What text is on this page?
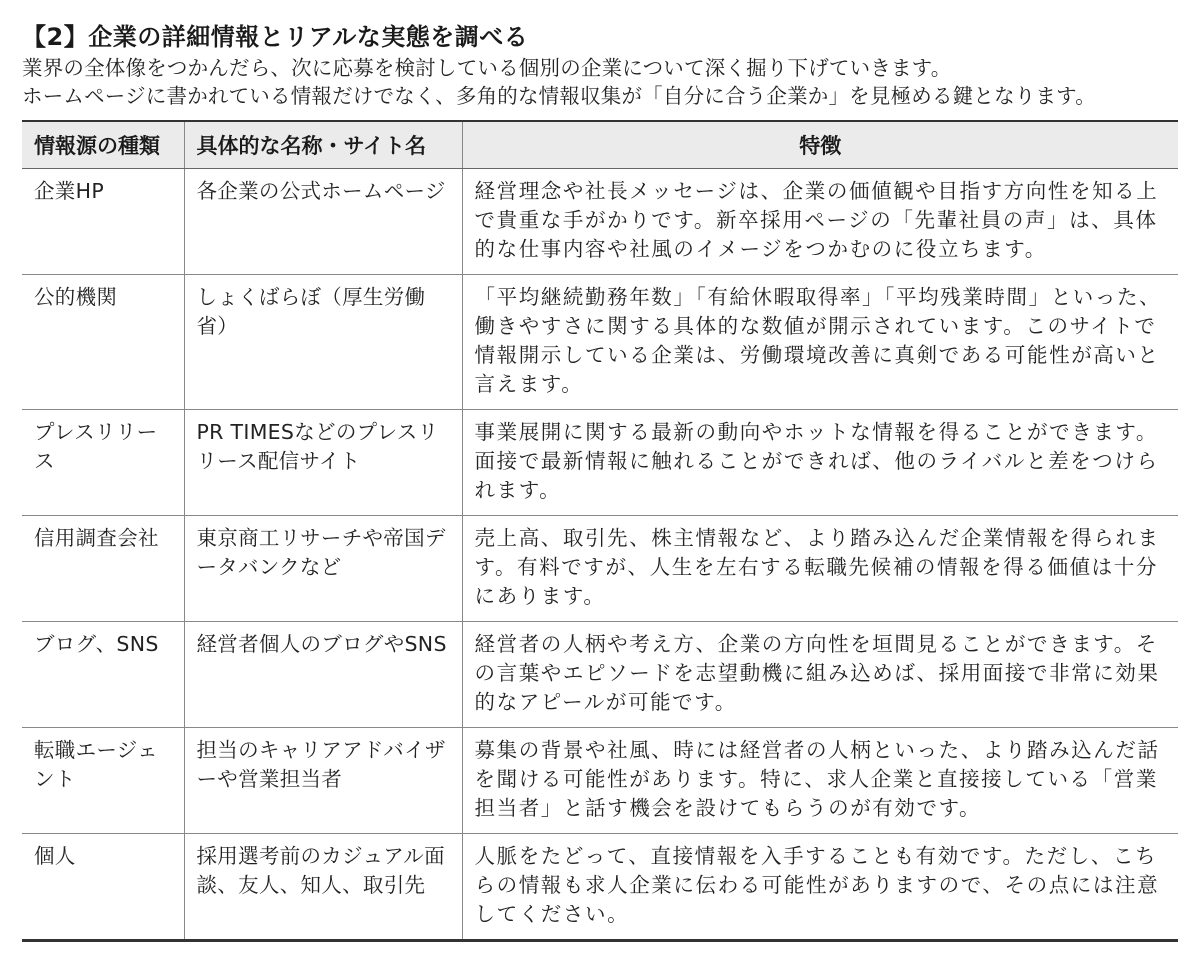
【2】企業の詳細情報とリアルな実態を調べる
業界の全体像をつかんだら、次に応募を検討している個別の企業について深く掘り下げていきます。
ホームページに書かれている情報だけでなく、多角的な情報収集が「自分に合う企業か」を見極める鍵となります。
情報源の種類	具体的な名称・サイト名	特徴
企業HP	各企業の公式ホームページ	経営理念や社長メッセージは、企業の価値観や目指す方向性を知る上で貴重な手がかりです。新卒採用ページの「先輩社員の声」は、具体的な仕事内容や社風のイメージをつかむのに役立ちます。
公的機関	しょくばらぼ（厚生労働省）	「平均継続勤務年数」「有給休暇取得率」「平均残業時間」といった、働きやすさに関する具体的な数値が開示されています。このサイトで情報開示している企業は、労働環境改善に真剣である可能性が高いと言えます。
プレスリリース	PR TIMESなどのプレスリリース配信サイト	事業展開に関する最新の動向やホットな情報を得ることができます。面接で最新情報に触れることができれば、他のライバルと差をつけられます。
信用調査会社	東京商工リサーチや帝国データバンクなど	売上高、取引先、株主情報など、より踏み込んだ企業情報を得られます。有料ですが、人生を左右する転職先候補の情報を得る価値は十分にあります。
ブログ、SNS	経営者個人のブログやSNS	経営者の人柄や考え方、企業の方向性を垣間見ることができます。その言葉やエピソードを志望動機に組み込めば、採用面接で非常に効果的なアピールが可能です。
転職エージェント	担当のキャリアアドバイザーや営業担当者	募集の背景や社風、時には経営者の人柄といった、より踏み込んだ話を聞ける可能性があります。特に、求人企業と直接接している「営業担当者」と話す機会を設けてもらうのが有効です。
個人	採用選考前のカジュアル面談、友人、知人、取引先	人脈をたどって、直接情報を入手することも有効です。ただし、こちらの情報も求人企業に伝わる可能性がありますので、その点には注意してください。
